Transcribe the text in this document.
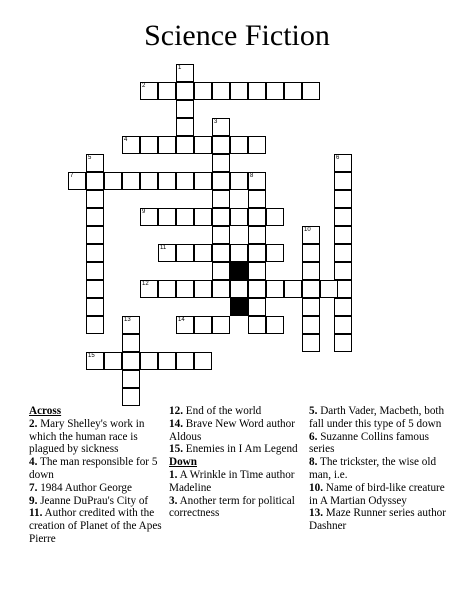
Science Fiction
1
2
3
4
5	6
7	8
9
10
11
12
13	14
15
Across
2. Mary Shelley's work in which the human race is plagued by sickness
4. The man responsible for 5 down
7. 1984 Author George
9. Jeanne DuPrau's City of
11. Author credited with the creation of Planet of the Apes Pierre
12. End of the world
14. Brave New Word author Aldous
15. Enemies in I Am Legend
Down
1. A Wrinkle in Time author Madeline
3. Another term for political correctness
5. Darth Vader, Macbeth, both fall under this type of 5 down
6. Suzanne Collins famous series
8. The trickster, the wise old man, i.e.
10. Name of bird-like creature in A Martian Odyssey
13. Maze Runner series author Dashner
